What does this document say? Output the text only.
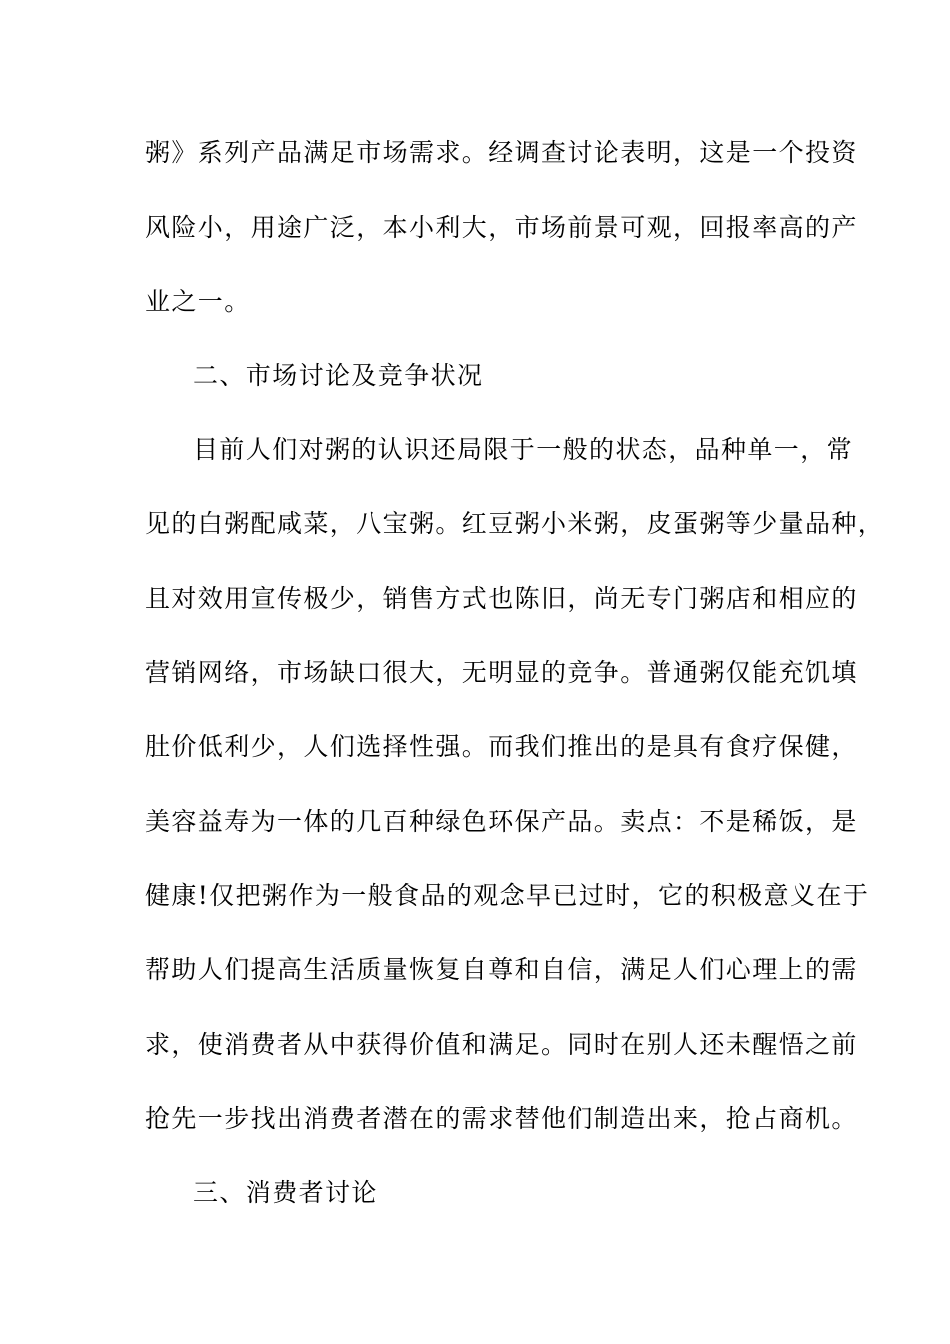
粥》系列产品满足市场需求。经调查讨论表明，这是一个投资
风险小，用途广泛，本小利大，市场前景可观，回报率高的产
业之一。
二、市场讨论及竞争状况
目前人们对粥的认识还局限于一般的状态，品种单一，常
见的白粥配咸菜，八宝粥。红豆粥小米粥，皮蛋粥等少量品种，
且对效用宣传极少，销售方式也陈旧，尚无专门粥店和相应的
营销网络，市场缺口很大，无明显的竞争。普通粥仅能充饥填
肚价低利少，人们选择性强。而我们推出的是具有食疗保健，
美容益寿为一体的几百种绿色环保产品。卖点：不是稀饭，是
健康!仅把粥作为一般食品的观念早已过时，它的积极意义在于
帮助人们提高生活质量恢复自尊和自信，满足人们心理上的需
求，使消费者从中获得价值和满足。同时在别人还未醒悟之前
抢先一步找出消费者潜在的需求替他们制造出来，抢占商机。
三、消费者讨论
